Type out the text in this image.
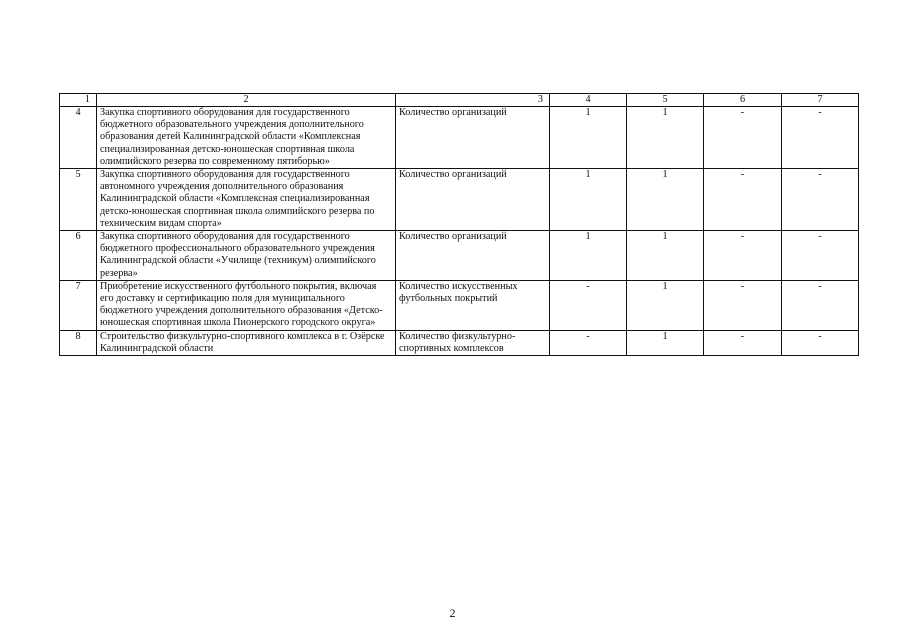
1	2	3	4	5	6	7
4	Закупка спортивного оборудования для государственного бюджетного образовательного учреждения дополнительного образования детей Калининградской области «Комплексная специализированная детско-юношеская спортивная школа олимпийского резерва по современному пятиборью»	Количество организаций	1	1	-	-
5	Закупка спортивного оборудования для государственного автономного учреждения дополнительного образования Калининградской области «Комплексная специализированная детско-юношеская спортивная школа олимпийского резерва по техническим видам спорта»	Количество организаций	1	1	-	-
6	Закупка спортивного оборудования для государственного бюджетного профессионального образовательного учреждения Калининградской области «Училище (техникум) олимпийского резерва»	Количество организаций	1	1	-	-
7	Приобретение искусственного футбольного покрытия, включая его доставку и сертификацию поля для муниципального бюджетного учреждения дополнительного образования «Детско-юношеская спортивная школа Пионерского городского округа»	Количество искусственных футбольных покрытий	-	1	-	-
8	Строительство физкультурно-спортивного комплекса в г. Озёрске Калининградской области	Количество физкультурно-спортивных комплексов	-	1	-	-
2
